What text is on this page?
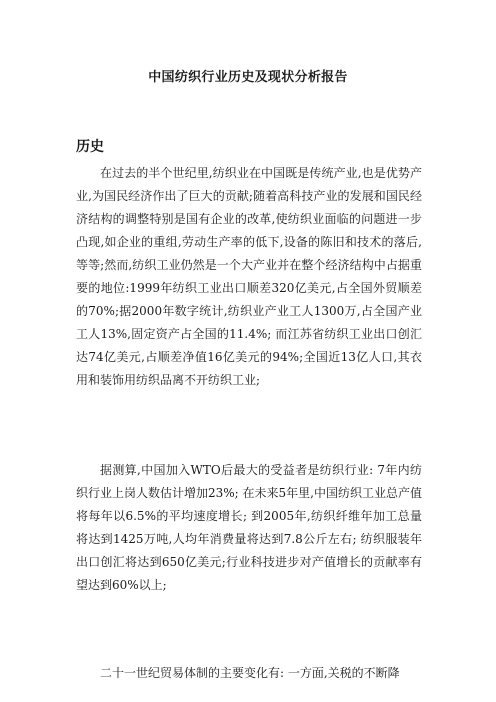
中国纺织行业历史及现状分析报告
历史

在过去的半个世纪里,纺织业在中国既是传统产业,也是优势产业,为国民经济作出了巨大的贡献;随着高科技产业的发展和国民经济结构的调整特别是国有企业的改革,使纺织业面临的问题进一步凸现,如企业的重组,劳动生产率的低下,设备的陈旧和技术的落后,等等;然而,纺织工业仍然是一个大产业并在整个经济结构中占据重要的地位:1999年纺织工业出口顺差320亿美元,占全国外贸顺差的70%;据2000年数字统计,纺织业产业工人1300万,占全国产业工人13%,固定资产占全国的11.4%; 而江苏省纺织工业出口创汇达74亿美元,占顺差净值16亿美元的94%;全国近13亿人口,其衣用和装饰用纺织品离不开纺织工业;

据测算,中国加入WTO后最大的受益者是纺织行业: 7年内纺织行业上岗人数估计增加23%; 在未来5年里,中国纺织工业总产值将每年以6.5%的平均速度增长; 到2005年,纺织纤维年加工总量将达到1425万吨,人均年消费量将达到7.8公斤左右; 纺织服装年出口创汇将达到650亿美元;行业科技进步对产值增长的贡献率有望达到60%以上;

二十一世纪贸易体制的主要变化有: 一方面,关税的不断降
